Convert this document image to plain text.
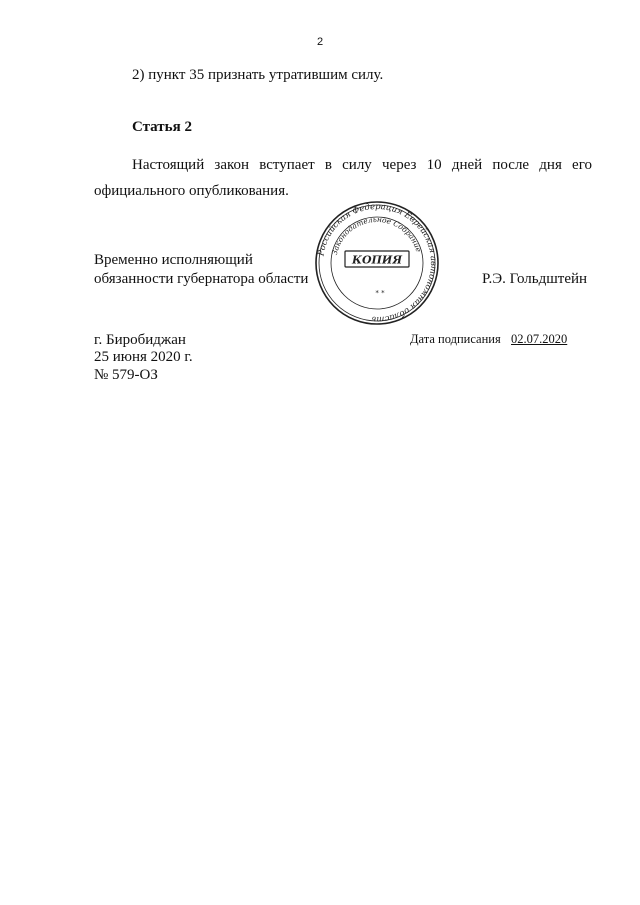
2
2) пункт 35 признать утратившим силу.
Статья 2
Настоящий закон вступает в силу через 10 дней после дня его
официального опубликования.
Временно исполняющий
обязанности губернатора области	Р.Э. Гольдштейн
Российская Федерация Еврейская автономная область
Законодательное Собрание
КОПИЯ
* *
г. Биробиджан
25 июня 2020 г.
№ 579-ОЗ
Дата подписания 02.07.2020
